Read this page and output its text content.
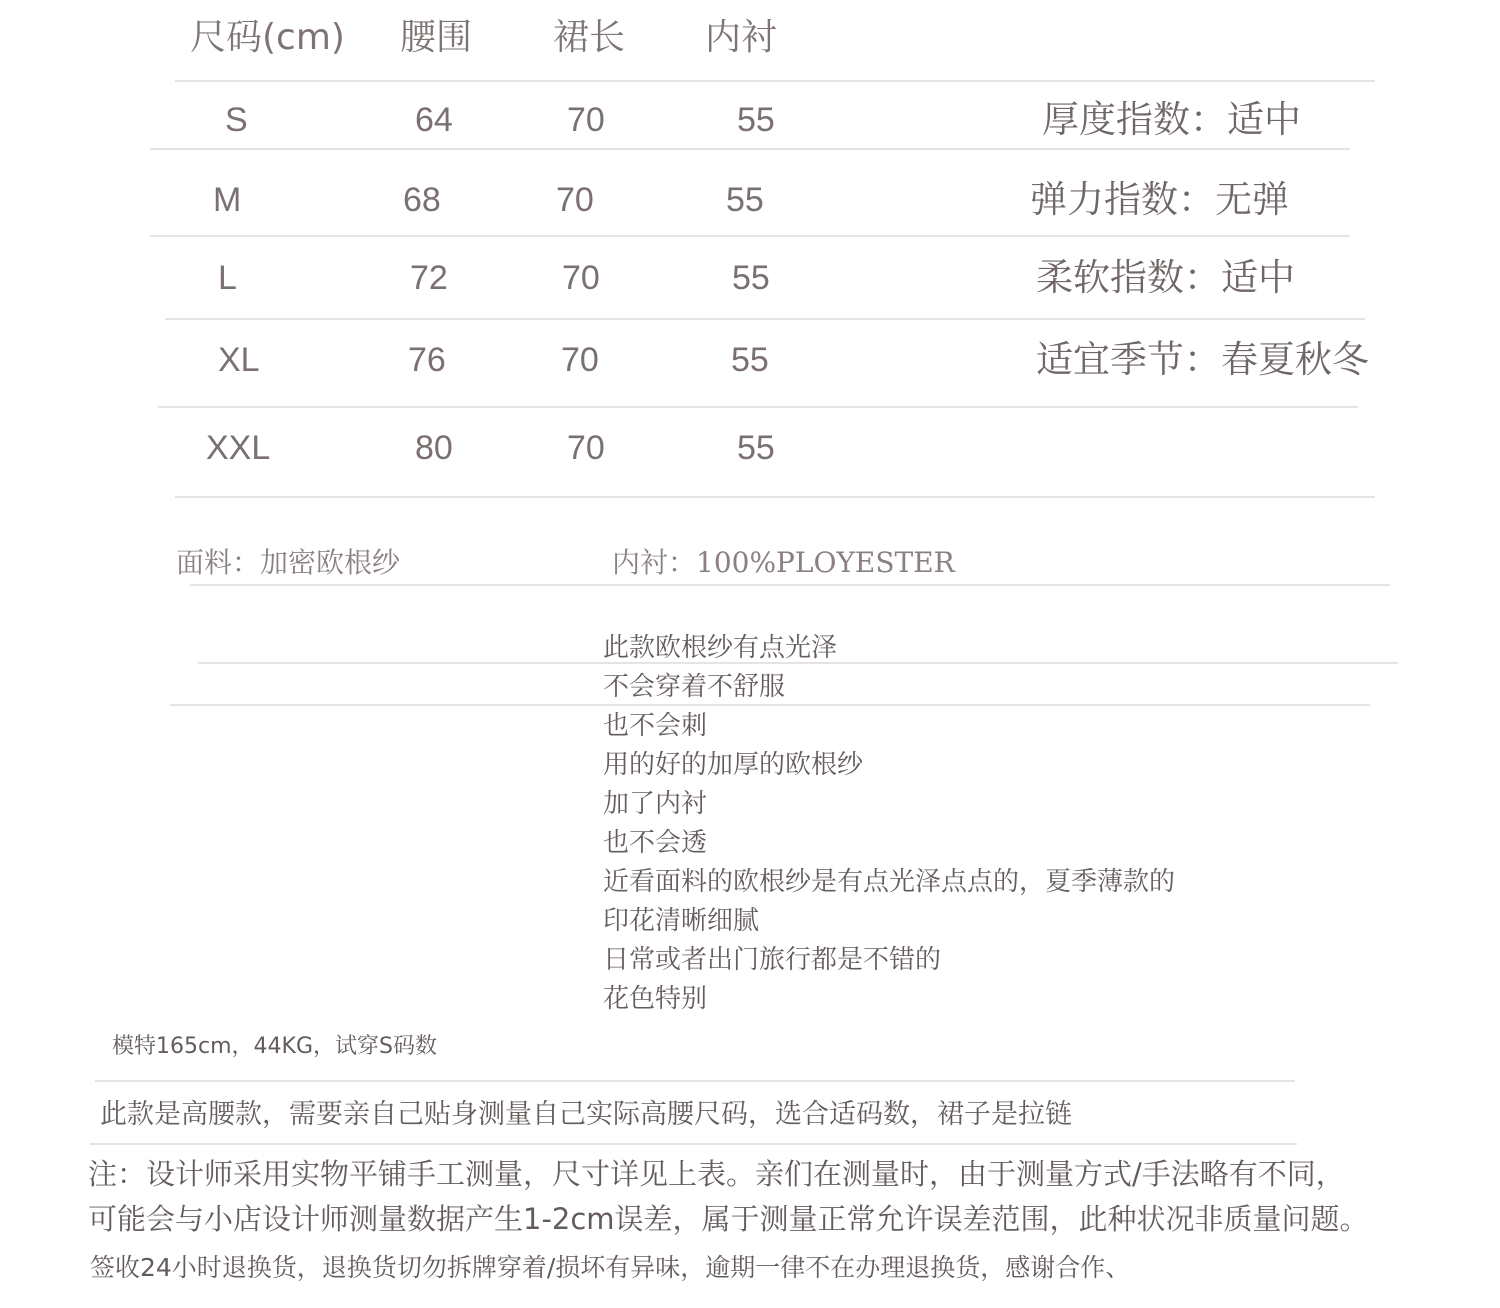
尺码(cm) 腰围 裙长 内衬
S	64	70	55	厚度指数：适中
M	68	70	55	弹力指数：无弹
L	72	70	55	柔软指数：适中
XL	76	70	55	适宜季节：春夏秋冬
XXL	80	70	55
面料：加密欧根纱	内衬：100%PLOYESTER
此款欧根纱有点光泽
不会穿着不舒服
也不会刺
用的好的加厚的欧根纱
加了内衬
也不会透
近看面料的欧根纱是有点光泽点点的，夏季薄款的
印花清晰细腻
日常或者出门旅行都是不错的
花色特别
模特165cm，44KG，试穿S码数
此款是高腰款，需要亲自己贴身测量自己实际高腰尺码，选合适码数，裙子是拉链
注：设计师采用实物平铺手工测量，尺寸详见上表。亲们在测量时，由于测量方式/手法略有不同，
可能会与小店设计师测量数据产生1-2cm误差，属于测量正常允许误差范围，此种状况非质量问题。
签收24小时退换货，退换货切勿拆牌穿着/损坏有异味，逾期一律不在办理退换货，感谢合作、
